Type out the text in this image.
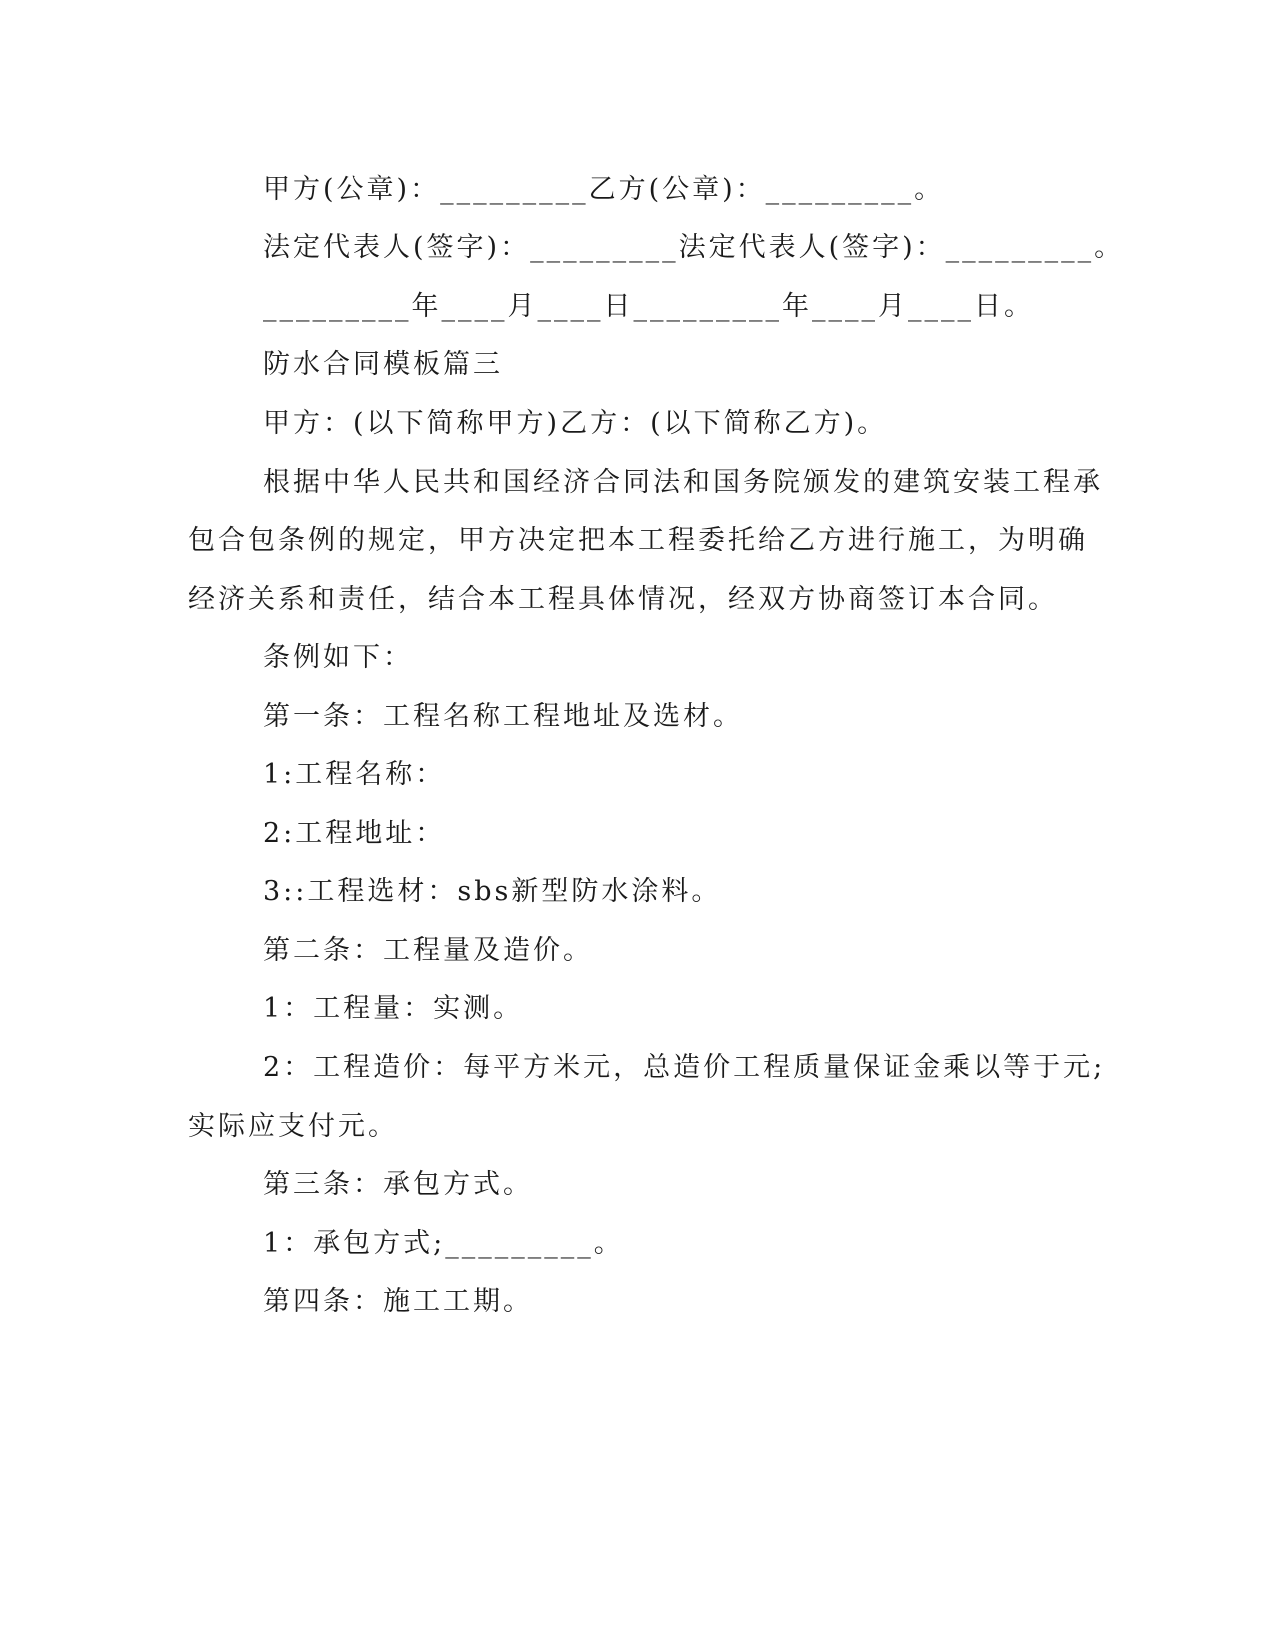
甲方(公章)：_________乙方(公章)：_________。
法定代表人(签字)：_________法定代表人(签字)：_________。
_________年____月____日_________年____月____日。
防水合同模板篇三
甲方：(以下简称甲方)乙方：(以下简称乙方)。
根据中华人民共和国经济合同法和国务院颁发的建筑安装工程承
包合包条例的规定，甲方决定把本工程委托给乙方进行施工，为明确
经济关系和责任，结合本工程具体情况，经双方协商签订本合同。
条例如下：
第一条：工程名称工程地址及选材。
1:工程名称：
2:工程地址：
3::工程选材：sbs新型防水涂料。
第二条：工程量及造价。
1：工程量：实测。
2：工程造价：每平方米元，总造价工程质量保证金乘以等于元;
实际应支付元。
第三条：承包方式。
1：承包方式;_________。
第四条：施工工期。
